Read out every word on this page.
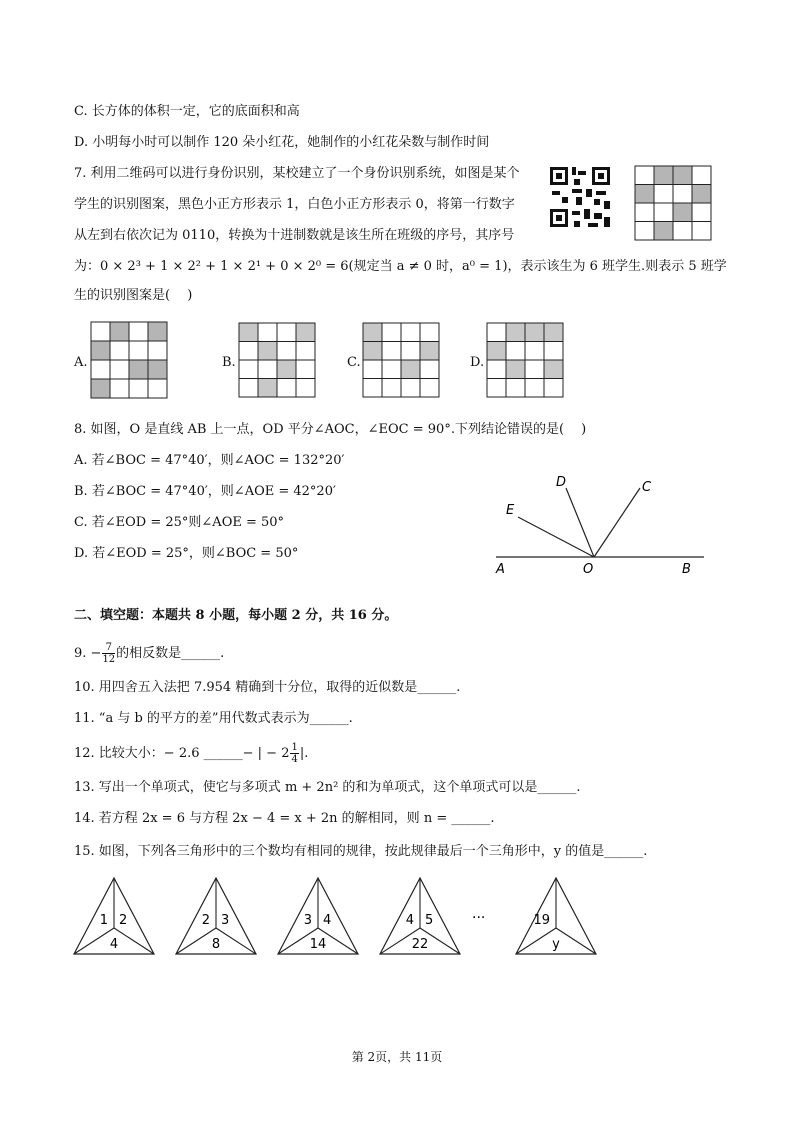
C. 长方体的体积一定，它的底面积和高
D. 小明每小时可以制作 120 朵小红花，她制作的小红花朵数与制作时间
7. 利用二维码可以进行身份识别，某校建立了一个身份识别系统，如图是某个
学生的识别图案，黑色小正方形表示 1，白色小正方形表示 0，将第一行数字
从左到右依次记为 0110，转换为十进制数就是该生所在班级的序号，其序号
为：0 × 2³ + 1 × 2² + 1 × 2¹ + 0 × 2⁰ = 6(规定当 a ≠ 0 时，a⁰ = 1)，表示该生为 6 班学生.则表示 5 班学
生的识别图案是(　 )
A.	B.	C.	D.
8. 如图，O 是直线 AB 上一点，OD 平分∠AOC，∠EOC = 90°.下列结论错误的是(　 )
A. 若∠BOC = 47°40′，则∠AOC = 132°20′
B. 若∠BOC = 47°40′，则∠AOE = 42°20′
C. 若∠EOD = 25°则∠AOE = 50°
D. 若∠EOD = 25°，则∠BOC = 50°
A	O	B
E
D	C
二、填空题：本题共 8 小题，每小题 2 分，共 16 分。
9. − $\frac{7}{12}$ 的相反数是______.
10. 用四舍五入法把 7.954 精确到十分位，取得的近似数是______.
11. “a 与 b 的平方的差”用代数式表示为______.
12. 比较大小：− 2.6 ______− | − $2 \frac{1}{4}$ |.
13. 写出一个单项式，使它与多项式 m + 2n² 的和为单项式，这个单项式可以是______.
14. 若方程 2x = 6 与方程 2x − 4 = x + 2n 的解相同，则 n = ______.
15. 如图，下列各三角形中的三个数均有相同的规律，按此规律最后一个三角形中，y 的值是______.
1 2
4
2 3
8
3 4
14
4 5
22
19
y
···
第 2页，共 11页
